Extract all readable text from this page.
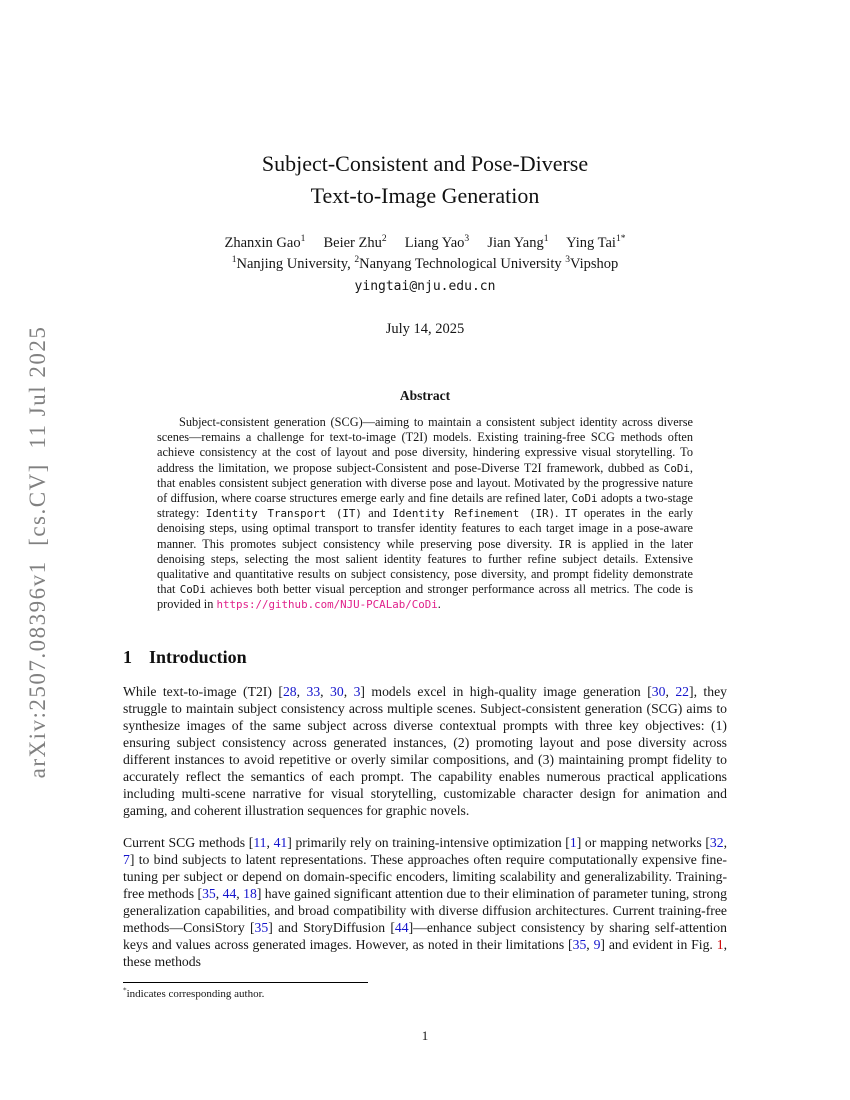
arXiv:2507.08396v1  [cs.CV]  11 Jul 2025
Subject-Consistent and Pose-Diverse
Text-to-Image Generation
Zhanxin Gao$^1$   Beier Zhu$^2$   Liang Yao$^3$   Jian Yang$^1$   Ying Tai$^{1*}$
$^1$Nanjing University, $^2$Nanyang Technological University $^3$Vipshop
yingtai@nju.edu.cn
July 14, 2025
Abstract
Subject-consistent generation (SCG)—aiming to maintain a consistent subject identity across diverse scenes—remains a challenge for text-to-image (T2I) models. Existing training-free SCG methods often achieve consistency at the cost of layout and pose diversity, hindering expressive visual storytelling. To address the limitation, we propose subject-Consistent and pose-Diverse T2I framework, dubbed as CoDi, that enables consistent subject generation with diverse pose and layout. Motivated by the progressive nature of diffusion, where coarse structures emerge early and fine details are refined later, CoDi adopts a two-stage strategy: Identity Transport (IT) and Identity Refinement (IR). IT operates in the early denoising steps, using optimal transport to transfer identity features to each target image in a pose-aware manner. This promotes subject consistency while preserving pose diversity. IR is applied in the later denoising steps, selecting the most salient identity features to further refine subject details. Extensive qualitative and quantitative results on subject consistency, pose diversity, and prompt fidelity demonstrate that CoDi achieves both better visual perception and stronger performance across all metrics. The code is provided in https://github.com/NJU-PCALab/CoDi.
1 Introduction
While text-to-image (T2I) [28, 33, 30, 3] models excel in high-quality image generation [30, 22], they struggle to maintain subject consistency across multiple scenes. Subject-consistent generation (SCG) aims to synthesize images of the same subject across diverse contextual prompts with three key objectives: (1) ensuring subject consistency across generated instances, (2) promoting layout and pose diversity across different instances to avoid repetitive or overly similar compositions, and (3) maintaining prompt fidelity to accurately reflect the semantics of each prompt. The capability enables numerous practical applications including multi-scene narrative for visual storytelling, customizable character design for animation and gaming, and coherent illustration sequences for graphic novels.
Current SCG methods [11, 41] primarily rely on training-intensive optimization [1] or mapping networks [32, 7] to bind subjects to latent representations. These approaches often require computationally expensive fine-tuning per subject or depend on domain-specific encoders, limiting scalability and generalizability. Training-free methods [35, 44, 18] have gained significant attention due to their elimination of parameter tuning, strong generalization capabilities, and broad compatibility with diverse diffusion architectures. Current training-free methods—ConsiStory [35] and StoryDiffusion [44]—enhance subject consistency by sharing self-attention keys and values across generated images. However, as noted in their limitations [35, 9] and evident in Fig. 1, these methods
*indicates corresponding author.
1
